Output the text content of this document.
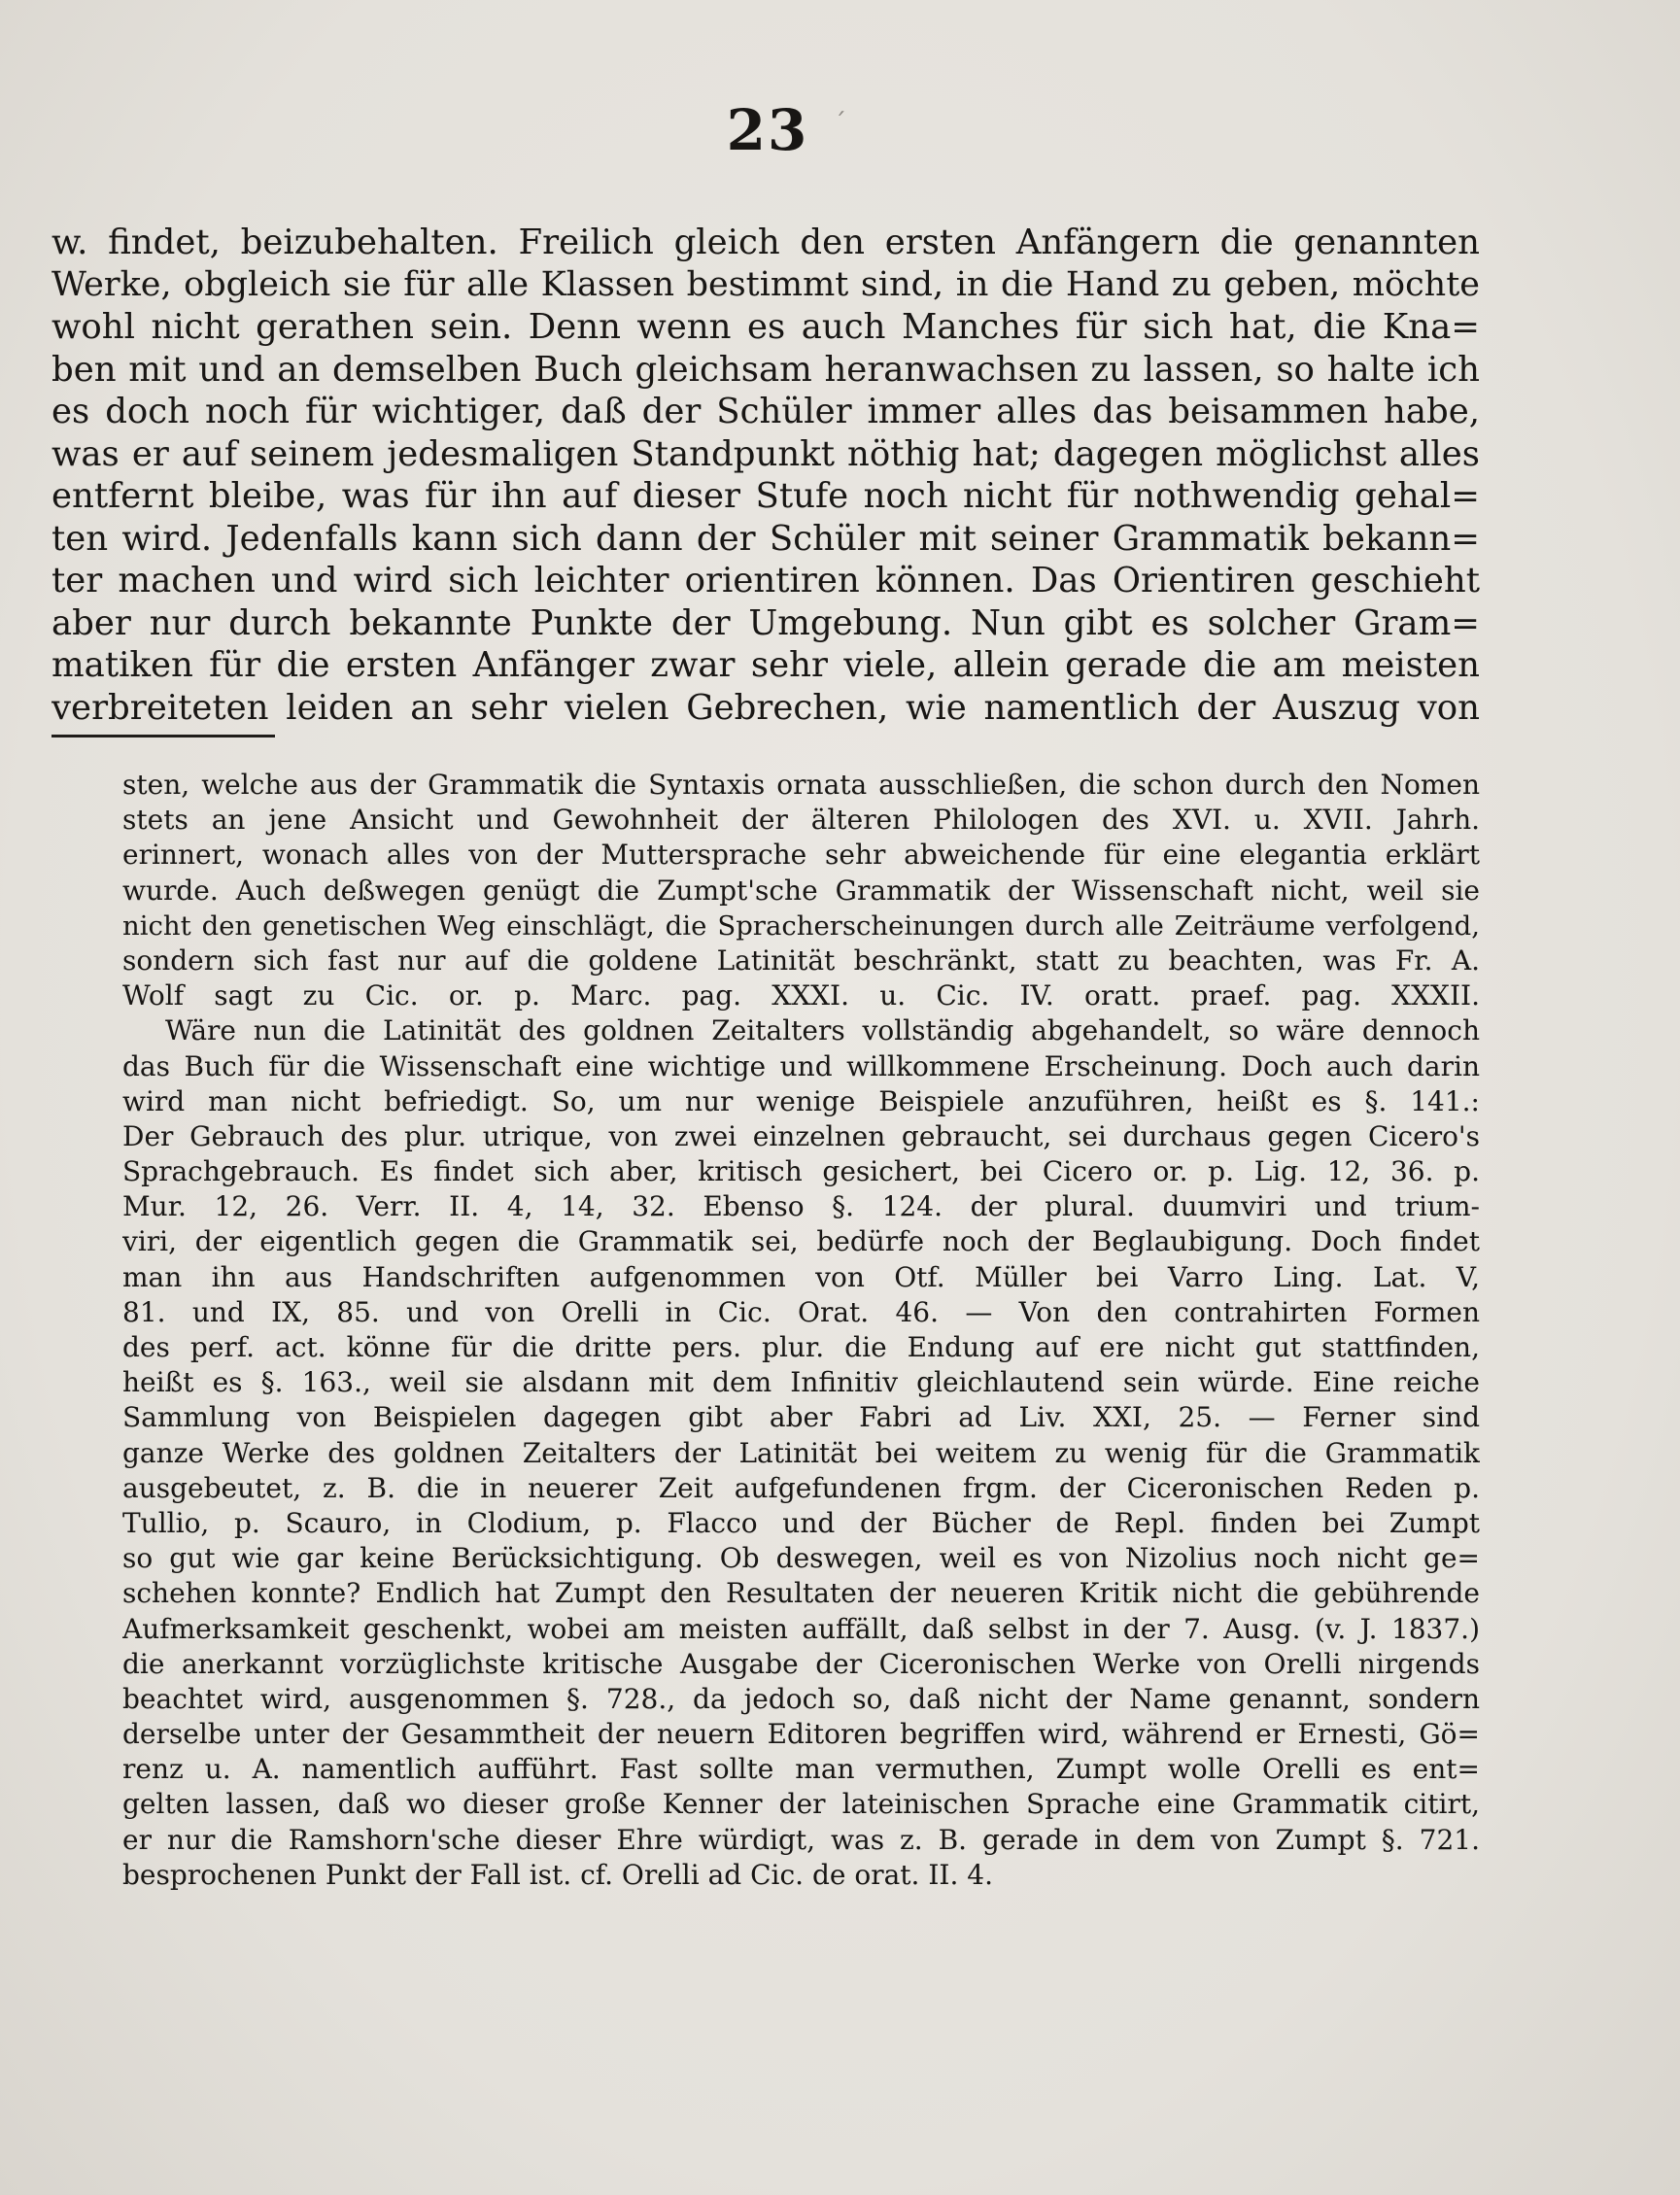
23 ´
w. findet, beizubehalten. Freilich gleich den ersten Anfängern die genannten
Werke, obgleich sie für alle Klassen bestimmt sind, in die Hand zu geben, möchte
wohl nicht gerathen sein. Denn wenn es auch Manches für sich hat, die Kna=
ben mit und an demselben Buch gleichsam heranwachsen zu lassen, so halte ich
es doch noch für wichtiger, daß der Schüler immer alles das beisammen habe,
was er auf seinem jedesmaligen Standpunkt nöthig hat; dagegen möglichst alles
entfernt bleibe, was für ihn auf dieser Stufe noch nicht für nothwendig gehal=
ten wird. Jedenfalls kann sich dann der Schüler mit seiner Grammatik bekann=
ter machen und wird sich leichter orientiren können. Das Orientiren geschieht
aber nur durch bekannte Punkte der Umgebung. Nun gibt es solcher Gram=
matiken für die ersten Anfänger zwar sehr viele, allein gerade die am meisten
verbreiteten leiden an sehr vielen Gebrechen, wie namentlich der Auszug von
sten, welche aus der Grammatik die Syntaxis ornata ausschließen, die schon durch den Nomen
stets an jene Ansicht und Gewohnheit der älteren Philologen des XVI. u. XVII. Jahrh.
erinnert, wonach alles von der Muttersprache sehr abweichende für eine elegantia erklärt
wurde. Auch deßwegen genügt die Zumpt'sche Grammatik der Wissenschaft nicht, weil sie
nicht den genetischen Weg einschlägt, die Spracherscheinungen durch alle Zeiträume verfolgend,
sondern sich fast nur auf die goldene Latinität beschränkt, statt zu beachten, was Fr. A.
Wolf sagt zu Cic. or. p. Marc. pag. XXXI. u. Cic. IV. oratt. praef. pag. XXXII.
Wäre nun die Latinität des goldnen Zeitalters vollständig abgehandelt, so wäre dennoch
das Buch für die Wissenschaft eine wichtige und willkommene Erscheinung. Doch auch darin
wird man nicht befriedigt. So, um nur wenige Beispiele anzuführen, heißt es §. 141.:
Der Gebrauch des plur. utrique, von zwei einzelnen gebraucht, sei durchaus gegen Cicero's
Sprachgebrauch. Es findet sich aber, kritisch gesichert, bei Cicero or. p. Lig. 12, 36. p.
Mur. 12, 26. Verr. II. 4, 14, 32. Ebenso §. 124. der plural. duumviri und trium-
viri, der eigentlich gegen die Grammatik sei, bedürfe noch der Beglaubigung. Doch findet
man ihn aus Handschriften aufgenommen von Otf. Müller bei Varro Ling. Lat. V,
81. und IX, 85. und von Orelli in Cic. Orat. 46. — Von den contrahirten Formen
des perf. act. könne für die dritte pers. plur. die Endung auf ere nicht gut stattfinden,
heißt es §. 163., weil sie alsdann mit dem Infinitiv gleichlautend sein würde. Eine reiche
Sammlung von Beispielen dagegen gibt aber Fabri ad Liv. XXI, 25. — Ferner sind
ganze Werke des goldnen Zeitalters der Latinität bei weitem zu wenig für die Grammatik
ausgebeutet, z. B. die in neuerer Zeit aufgefundenen frgm. der Ciceronischen Reden p.
Tullio, p. Scauro, in Clodium, p. Flacco und der Bücher de Repl. finden bei Zumpt
so gut wie gar keine Berücksichtigung. Ob deswegen, weil es von Nizolius noch nicht ge=
schehen konnte? Endlich hat Zumpt den Resultaten der neueren Kritik nicht die gebührende
Aufmerksamkeit geschenkt, wobei am meisten auffällt, daß selbst in der 7. Ausg. (v. J. 1837.)
die anerkannt vorzüglichste kritische Ausgabe der Ciceronischen Werke von Orelli nirgends
beachtet wird, ausgenommen §. 728., da jedoch so, daß nicht der Name genannt, sondern
derselbe unter der Gesammtheit der neuern Editoren begriffen wird, während er Ernesti, Gö=
renz u. A. namentlich aufführt. Fast sollte man vermuthen, Zumpt wolle Orelli es ent=
gelten lassen, daß wo dieser große Kenner der lateinischen Sprache eine Grammatik citirt,
er nur die Ramshorn'sche dieser Ehre würdigt, was z. B. gerade in dem von Zumpt §. 721.
besprochenen Punkt der Fall ist. cf. Orelli ad Cic. de orat. II. 4.
